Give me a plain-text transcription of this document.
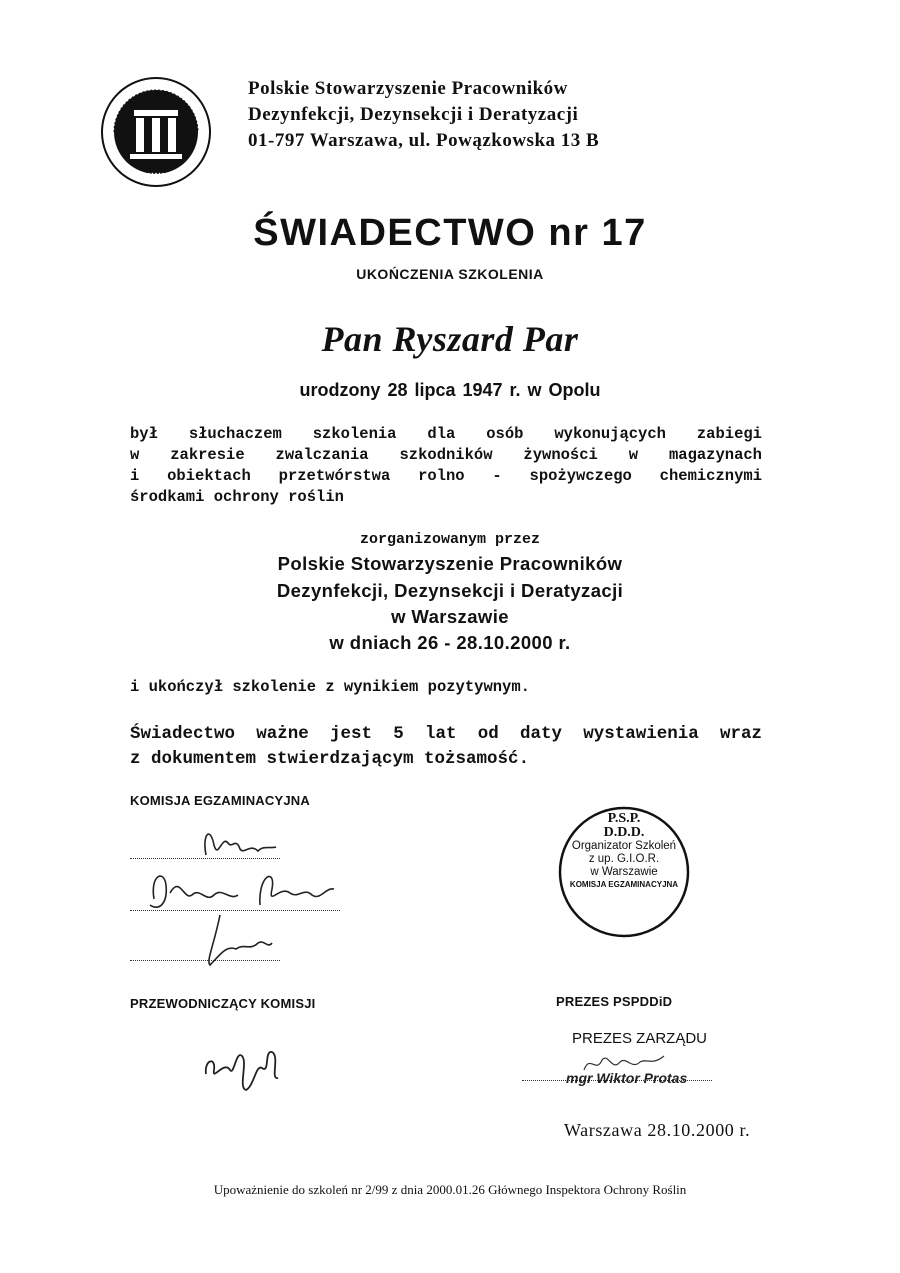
•••••
Polskie Stowarzyszenie Pracowników
Dezynfekcji, Dezynsekcji i Deratyzacji
01-797 Warszawa, ul. Powązkowska 13 B
ŚWIADECTWO nr 17
UKOŃCZENIA SZKOLENIA
Pan Ryszard Par
urodzony 28 lipca 1947 r. w Opolu
był słuchaczem szkolenia dla osób wykonujących zabiegi
w zakresie zwalczania szkodników żywności w magazynach
i obiektach przetwórstwa rolno - spożywczego chemicznymi
środkami ochrony roślin
zorganizowanym przez
Polskie Stowarzyszenie Pracowników
Dezynfekcji, Dezynsekcji i Deratyzacji
w Warszawie
w dniach 26 - 28.10.2000 r.
i ukończył szkolenie z wynikiem pozytywnym.
Świadectwo ważne jest 5 lat od daty wystawienia wraz
z dokumentem stwierdzającym tożsamość.
KOMISJA EGZAMINACYJNA
PRZEWODNICZĄCY KOMISJI
P.S.P.
D.D.D.
Organizator Szkoleń
z up. G.I.O.R.
w Warszawie
KOMISJA EGZAMINACYJNA
PREZES PSPDDiD
PREZES ZARZĄDU
mgr Wiktor Protas
Warszawa 28.10.2000 r.
Upoważnienie do szkoleń nr 2/99 z dnia 2000.01.26 Głównego Inspektora Ochrony Roślin
